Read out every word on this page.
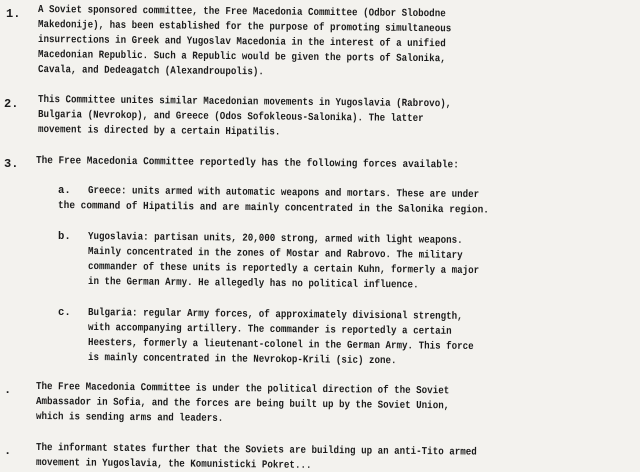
1. A Soviet sponsored committee, the Free Macedonia Committee (Odbor Slobodne
Makedonije), has been established for the purpose of promoting simultaneous
insurrections in Greek and Yugoslav Macedonia in the interest of a unified
Macedonian Republic. Such a Republic would be given the ports of Salonika,
Cavala, and Dedeagatch (Alexandroupolis).
2. This Committee unites similar Macedonian movements in Yugoslavia (Rabrovo),
Bulgaria (Nevrokop), and Greece (Odos Sofokleous-Salonika). The latter
movement is directed by a certain Hipatilis.
3. The Free Macedonia Committee reportedly has the following forces available:
a. Greece: units armed with automatic weapons and mortars. These are under
the command of Hipatilis and are mainly concentrated in the Salonika region.
b. Yugoslavia: partisan units, 20,000 strong, armed with light weapons.
Mainly concentrated in the zones of Mostar and Rabrovo. The military
commander of these units is reportedly a certain Kuhn, formerly a major
in the German Army. He allegedly has no political influence.
c. Bulgaria: regular Army forces, of approximately divisional strength,
with accompanying artillery. The commander is reportedly a certain
Heesters, formerly a lieutenant-colonel in the German Army. This force
is mainly concentrated in the Nevrokop-Krili (sic) zone.
. The Free Macedonia Committee is under the political direction of the Soviet
Ambassador in Sofia, and the forces are being built up by the Soviet Union,
which is sending arms and leaders.
. The informant states further that the Soviets are building up an anti-Tito armed
movement in Yugoslavia, the Komunisticki Pokret...
